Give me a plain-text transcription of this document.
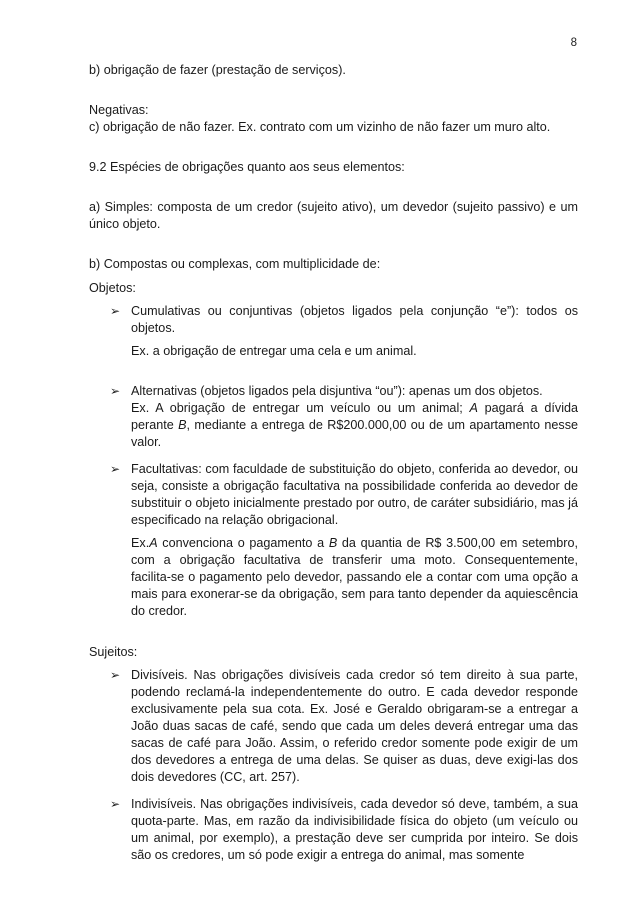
8

b) obrigação de fazer (prestação de serviços).

Negativas:

c) obrigação de não fazer. Ex. contrato com um vizinho de não fazer um muro alto.

9.2 Espécies de obrigações quanto aos seus elementos:

a) Simples: composta de um credor (sujeito ativo), um devedor (sujeito passivo) e um único objeto.

b) Compostas ou complexas, com multiplicidade de:

Objetos:

➢ Cumulativas ou conjuntivas (objetos ligados pela conjunção “e”): todos os objetos.

Ex. a obrigação de entregar uma cela e um animal.

➢ Alternativas (objetos ligados pela disjuntiva “ou”): apenas um dos objetos.

Ex. A obrigação de entregar um veículo ou um animal; A pagará a dívida perante B, mediante a entrega de R$200.000,00 ou de um apartamento nesse valor.

➢ Facultativas: com faculdade de substituição do objeto, conferida ao devedor, ou seja, consiste a obrigação facultativa na possibilidade conferida ao devedor de substituir o objeto inicialmente prestado por outro, de caráter subsidiário, mas já especificado na relação obrigacional.

Ex.A convenciona o pagamento a B da quantia de R$ 3.500,00 em setembro, com a obrigação facultativa de transferir uma moto. Consequentemente, facilita-se o pagamento pelo devedor, passando ele a contar com uma opção a mais para exonerar-se da obrigação, sem para tanto depender da aquiescência do credor.

Sujeitos:

➢ Divisíveis. Nas obrigações divisíveis cada credor só tem direito à sua parte, podendo reclamá-la independentemente do outro. E cada devedor responde exclusivamente pela sua cota. Ex. José e Geraldo obrigaram-se a entregar a João duas sacas de café, sendo que cada um deles deverá entregar uma das sacas de café para João. Assim, o referido credor somente pode exigir de um dos devedores a entrega de uma delas. Se quiser as duas, deve exigi-las dos dois devedores (CC, art. 257).

➢ Indivisíveis. Nas obrigações indivisíveis, cada devedor só deve, também, a sua quota-parte. Mas, em razão da indivisibilidade física do objeto (um veículo ou um animal, por exemplo), a prestação deve ser cumprida por inteiro. Se dois são os credores, um só pode exigir a entrega do animal, mas somente
